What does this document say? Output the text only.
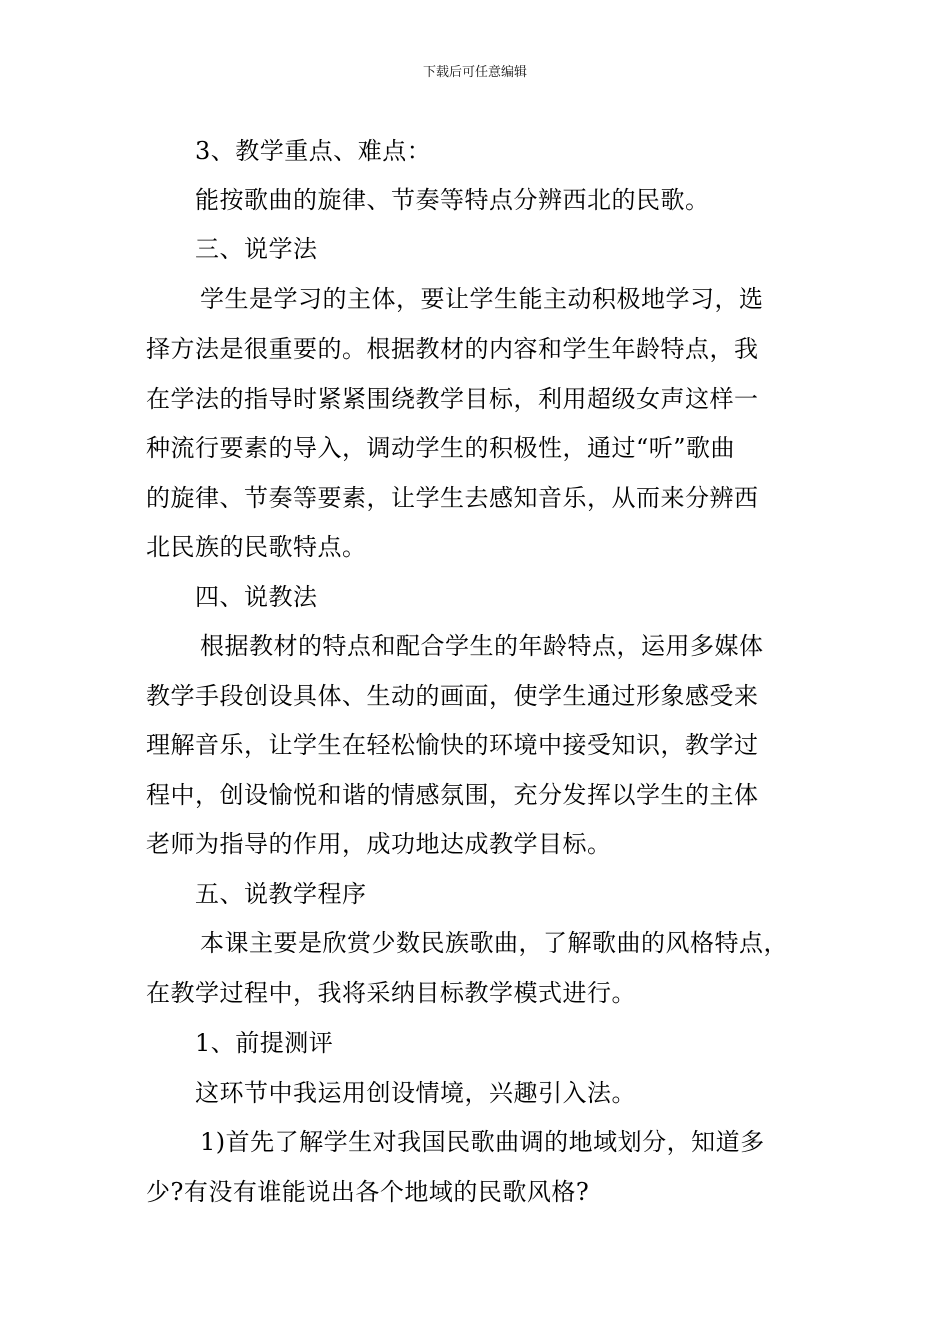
下载后可任意编辑
3、教学重点、难点：
能按歌曲的旋律、节奏等特点分辨西北的民歌。
三、说学法
学生是学习的主体，要让学生能主动积极地学习，选
择方法是很重要的。根据教材的内容和学生年龄特点，我
在学法的指导时紧紧围绕教学目标，利用超级女声这样一
种流行要素的导入，调动学生的积极性，通过“听”歌曲
的旋律、节奏等要素，让学生去感知音乐，从而来分辨西
北民族的民歌特点。
四、说教法
根据教材的特点和配合学生的年龄特点，运用多媒体
教学手段创设具体、生动的画面，使学生通过形象感受来
理解音乐，让学生在轻松愉快的环境中接受知识，教学过
程中，创设愉悦和谐的情感氛围，充分发挥以学生的主体
老师为指导的作用，成功地达成教学目标。
五、说教学程序
本课主要是欣赏少数民族歌曲，了解歌曲的风格特点，
在教学过程中，我将采纳目标教学模式进行。
1、前提测评
这环节中我运用创设情境，兴趣引入法。
1)首先了解学生对我国民歌曲调的地域划分，知道多
少?有没有谁能说出各个地域的民歌风格?
